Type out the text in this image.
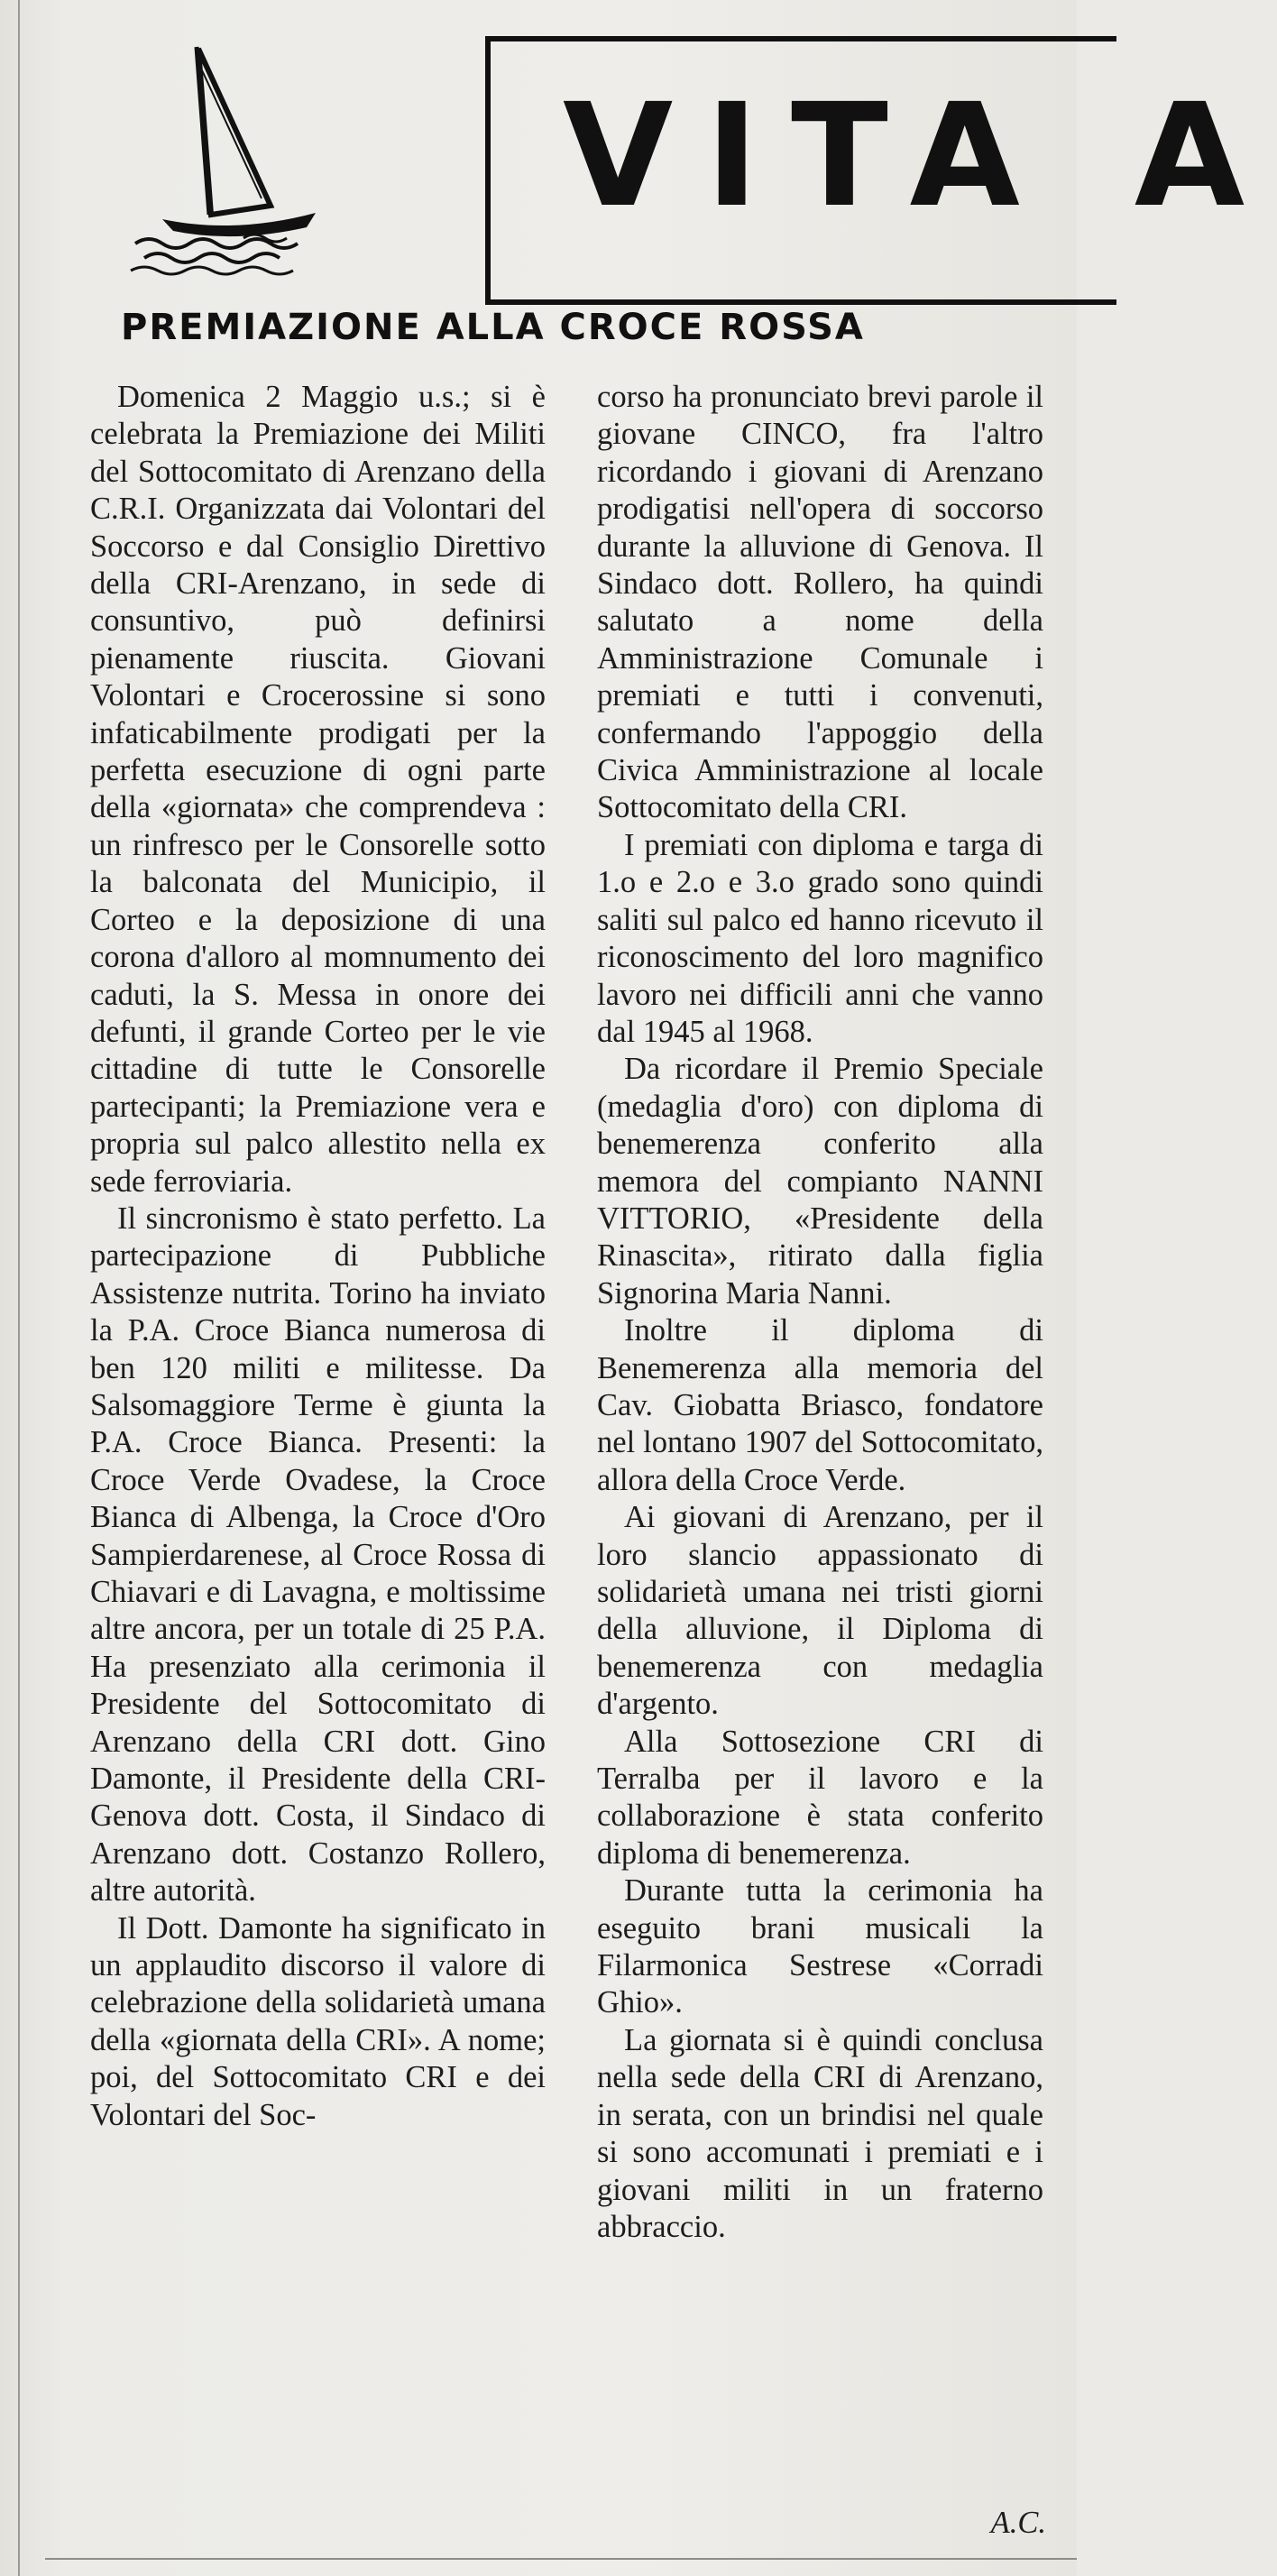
VITA A
PREMIAZIONE ALLA CROCE ROSSA

Domenica 2 Maggio u.s.; si è celebrata la Premiazione dei Militi del Sottocomitato di Arenzano della C.R.I. Organizzata dai Volontari del Soccorso e dal Consiglio Direttivo della CRI-Arenzano, in sede di consuntivo, può definirsi pienamente riuscita. Giovani Volontari e Crocerossine si sono infaticabilmente prodigati per la perfetta esecuzione di ogni parte della «giornata» che comprendeva : un rinfresco per le Consorelle sotto la balconata del Municipio, il Corteo e la deposizione di una corona d'alloro al momnumento dei caduti, la S. Messa in onore dei defunti, il grande Corteo per le vie cittadine di tutte le Consorelle partecipanti; la Premiazione vera e propria sul palco allestito nella ex sede ferroviaria.

Il sincronismo è stato perfetto. La partecipazione di Pubbliche Assistenze nutrita. Torino ha inviato la P.A. Croce Bianca numerosa di ben 120 militi e militesse. Da Salsomaggiore Terme è giunta la P.A. Croce Bianca. Presenti: la Croce Verde Ovadese, la Croce Bianca di Albenga, la Croce d'Oro Sampierdarenese, al Croce Rossa di Chiavari e di Lavagna, e moltissime altre ancora, per un totale di 25 P.A. Ha presenziato alla cerimonia il Presidente del Sottocomitato di Arenzano della CRI dott. Gino Damonte, il Presidente della CRI-Genova dott. Costa, il Sindaco di Arenzano dott. Costanzo Rollero, altre autorità.

Il Dott. Damonte ha significato in un applaudito discorso il valore di celebrazione della solidarietà umana della «giornata della CRI». A nome; poi, del Sottocomitato CRI e dei Volontari del Soc-

corso ha pronunciato brevi parole il giovane CINCO, fra l'altro ricordando i giovani di Arenzano prodigatisi nell'opera di soccorso durante la alluvione di Genova. Il Sindaco dott. Rollero, ha quindi salutato a nome della Amministrazione Comunale i premiati e tutti i convenuti, confermando l'appoggio della Civica Amministrazione al locale Sottocomitato della CRI.

I premiati con diploma e targa di 1.o e 2.o e 3.o grado sono quindi saliti sul palco ed hanno ricevuto il riconoscimento del loro magnifico lavoro nei difficili anni che vanno dal 1945 al 1968.

Da ricordare il Premio Speciale (medaglia d'oro) con diploma di benemerenza conferito alla memora del compianto NANNI VITTORIO, «Presidente della Rinascita», ritirato dalla figlia Signorina Maria Nanni.

Inoltre il diploma di Benemerenza alla memoria del Cav. Giobatta Briasco, fondatore nel lontano 1907 del Sottocomitato, allora della Croce Verde.

Ai giovani di Arenzano, per il loro slancio appassionato di solidarietà umana nei tristi giorni della alluvione, il Diploma di benemerenza con medaglia d'argento.

Alla Sottosezione CRI di Terralba per il lavoro e la collaborazione è stata conferito diploma di benemerenza.

Durante tutta la cerimonia ha eseguito brani musicali la Filarmonica Sestrese «Corradi Ghio».

La giornata si è quindi conclusa nella sede della CRI di Arenzano, in serata, con un brindisi nel quale si sono accomunati i premiati e i giovani militi in un fraterno abbraccio.

A.C.
